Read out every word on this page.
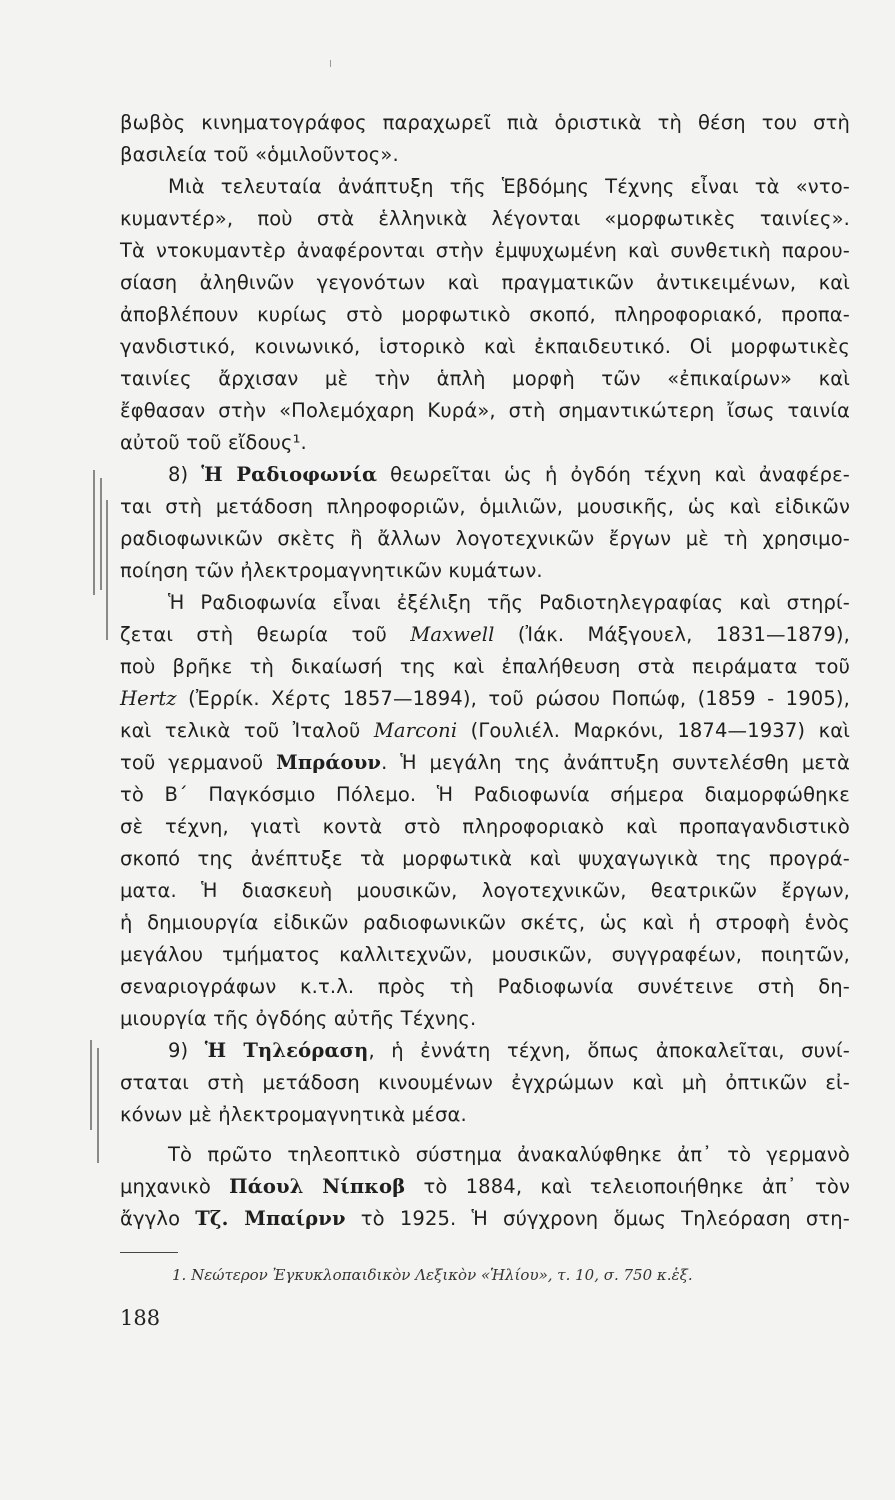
βωβὸς κινηματογράφος παραχωρεῖ πιὰ ὁριστικὰ τὴ θέση του στὴ
βασιλεία τοῦ «ὁμιλοῦντος».
Μιὰ τελευταία ἀνάπτυξη τῆς Ἑβδόμης Τέχνης εἶναι τὰ «ντο-
κυμαντέρ», ποὺ στὰ ἑλληνικὰ λέγονται «μορφωτικὲς ταινίες».
Τὰ ντοκυμαντὲρ ἀναφέρονται στὴν ἐμψυχωμένη καὶ συνθετικὴ παρου-
σίαση ἀληθινῶν γεγονότων καὶ πραγματικῶν ἀντικειμένων, καὶ
ἀποβλέπουν κυρίως στὸ μορφωτικὸ σκοπό, πληροφοριακό, προπα-
γανδιστικό, κοινωνικό, ἱστορικὸ καὶ ἐκπαιδευτικό. Οἱ μορφωτικὲς
ταινίες ἄρχισαν μὲ τὴν ἁπλὴ μορφὴ τῶν «ἐπικαίρων» καὶ
ἔφθασαν στὴν «Πολεμόχαρη Κυρά», στὴ σημαντικώτερη ἴσως ταινία
αὐτοῦ τοῦ εἴδους¹.
8) Ἡ Ραδιοφωνία θεωρεῖται ὡς ἡ ὀγδόη τέχνη καὶ ἀναφέρε-
ται στὴ μετάδοση πληροφοριῶν, ὁμιλιῶν, μουσικῆς, ὡς καὶ εἰδικῶν
ραδιοφωνικῶν σκὲτς ἢ ἄλλων λογοτεχνικῶν ἔργων μὲ τὴ χρησιμο-
ποίηση τῶν ἠλεκτρομαγνητικῶν κυμάτων.
Ἡ Ραδιοφωνία εἶναι ἐξέλιξη τῆς Ραδιοτηλεγραφίας καὶ στηρί-
ζεται στὴ θεωρία τοῦ Maxwell (Ἰάκ. Μάξγουελ, 1831—1879),
ποὺ βρῆκε τὴ δικαίωσή της καὶ ἐπαλήθευση στὰ πειράματα τοῦ
Hertz (Ἐρρίκ. Χέρτς 1857—1894), τοῦ ρώσου Ποπώφ, (1859 - 1905),
καὶ τελικὰ τοῦ Ἰταλοῦ Marconi (Γουλιέλ. Μαρκόνι, 1874—1937) καὶ
τοῦ γερμανοῦ Μπράουν. Ἡ μεγάλη της ἀνάπτυξη συντελέσθη μετὰ
τὸ Β΄ Παγκόσμιο Πόλεμο. Ἡ Ραδιοφωνία σήμερα διαμορφώθηκε
σὲ τέχνη, γιατὶ κοντὰ στὸ πληροφοριακὸ καὶ προπαγανδιστικὸ
σκοπό της ἀνέπτυξε τὰ μορφωτικὰ καὶ ψυχαγωγικὰ της προγρά-
ματα. Ἡ διασκευὴ μουσικῶν, λογοτεχνικῶν, θεατρικῶν ἔργων,
ἡ δημιουργία εἰδικῶν ραδιοφωνικῶν σκέτς, ὡς καὶ ἡ στροφὴ ἑνὸς
μεγάλου τμήματος καλλιτεχνῶν, μουσικῶν, συγγραφέων, ποιητῶν,
σεναριογράφων κ.τ.λ. πρὸς τὴ Ραδιοφωνία συνέτεινε στὴ δη-
μιουργία τῆς ὀγδόης αὐτῆς Τέχνης.
9) Ἡ Τηλεόραση, ἡ ἐννάτη τέχνη, ὅπως ἀποκαλεῖται, συνί-
σταται στὴ μετάδοση κινουμένων ἐγχρώμων καὶ μὴ ὀπτικῶν εἰ-
κόνων μὲ ἠλεκτρομαγνητικὰ μέσα.
Τὸ πρῶτο τηλεοπτικὸ σύστημα ἀνακαλύφθηκε ἀπ᾿ τὸ γερμανὸ
μηχανικὸ Πάουλ Νίπκοβ τὸ 1884, καὶ τελειοποιήθηκε ἀπ᾿ τὸν
ἄγγλο Τζ. Μπαίρνν τὸ 1925. Ἡ σύγχρονη ὅμως Τηλεόραση στη-
1. Νεώτερον Ἐγκυκλοπαιδικὸν Λεξικὸν «Ἡλίου», τ. 10, σ. 750 κ.ἑξ.
188
